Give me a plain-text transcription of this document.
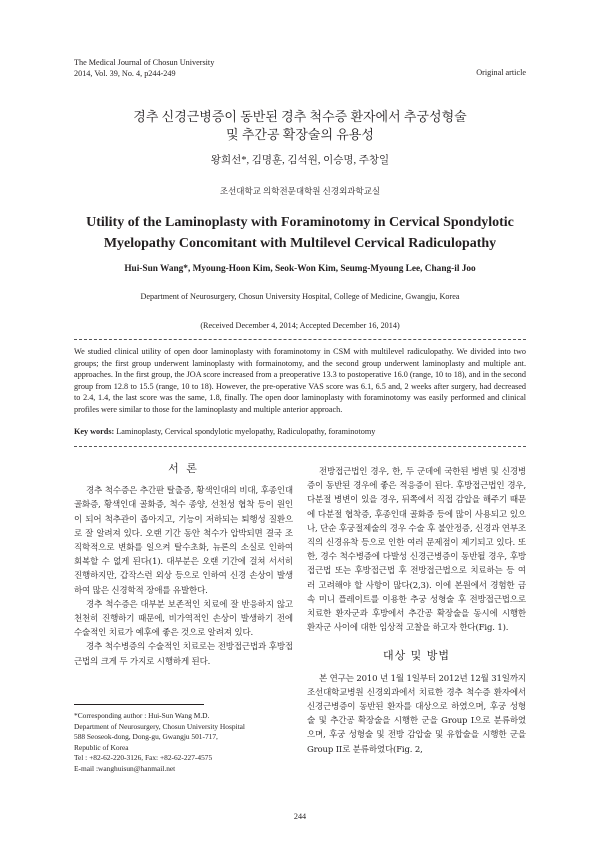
The Medical Journal of Chosun University
2014, Vol. 39, No. 4, p244-249	Original article
경추 신경근병증이 동반된 경추 척수증 환자에서 추궁성형술
및 추간공 확장술의 유용성
왕희선*, 김명훈, 김석원, 이승명, 주창일
조선대학교 의학전문대학원 신경외과학교실
Utility of the Laminoplasty with Foraminotomy in Cervical Spondylotic
Myelopathy Concomitant with Multilevel Cervical Radiculopathy
Hui-Sun Wang*, Myoung-Hoon Kim, Seok-Won Kim, Seumg-Myoung Lee, Chang-il Joo
Department of Neurosurgery, Chosun University Hospital, College of Medicine, Gwangju, Korea
(Received December 4, 2014; Accepted December 16, 2014)
We studied clinical utility of open door laminoplasty with foraminotomy in CSM with multilevel radiculopathy. We divided into two groups; the first group underwent laminoplasty with formainotomy, and the second group underwent laminoplasty and multiple ant. approaches. In the first group, the JOA score increased from a preoperative 13.3 to postoperative 16.0 (range, 10 to 18), and in the second group from 12.8 to 15.5 (range, 10 to 18). However, the pre-operative VAS score was 6.1, 6.5 and, 2 weeks after surgery, had decreased to 2.4, 1.4, the last score was the same, 1.8, finally. The open door laminoplasty with foraminotomy was easily performed and clinical profiles were similar to those for the laminoplasty and multiple anterior approach.
Key words: Laminoplasty, Cervical spondylotic myelopathy, Radiculopathy, foraminotomy
서 론

경추 척수증은 추간판 탈출증, 황색인대의 비대, 후종인대 골화증, 황색인대 골화증, 척수 종양, 선천성 협착 등이 원인이 되어 척추관이 좁아지고, 기능이 저하되는 퇴행성 질환으로 잘 알려져 있다. 오랜 기간 동안 척수가 압박되면 결국 조직학적으로 변화를 일으켜 탈수초화, 뉴론의 소실로 인하여 회복할 수 없게 된다(1). 대부분은 오랜 기간에 걸쳐 서서히 진행하지만, 갑작스런 외상 등으로 인하여 신경 손상이 발생하여 많은 신경학적 장애를 유발한다.

경추 척수증은 대부분 보존적인 치료에 잘 반응하지 않고 천천히 진행하기 때문에, 비가역적인 손상이 발생하기 전에 수술적인 치료가 예후에 좋은 것으로 알려져 있다.

경추 척수병증의 수술적인 치료로는 전방접근법과 후방접근법의 크게 두 가지로 시행하게 된다.

전방접근법인 경우, 한, 두 군데에 국한된 병변 및 신경병증이 동반된 경우에 좋은 적응증이 된다. 후방접근법인 경우, 다분절 병변이 있을 경우, 뒤쪽에서 직접 감압을 해주기 때문에 다분절 협착증, 후종인대 골화증 등에 많이 사용되고 있으나, 단순 후궁절제술의 경우 수술 후 불안정증, 신경과 연부조직의 신경유착 등으로 인한 여러 문제점이 제기되고 있다. 또한, 경수 척수병증에 다발성 신경근병증이 동반될 경우, 후방접근법 또는 후방접근법 후 전방접근법으로 치료하는 등 여러 고려해야 할 사항이 많다(2,3). 이에 본원에서 경험한 금속 미니 플레이트를 이용한 추궁 성형술 후 전방접근법으로 치료한 환자군과 후방에서 추간공 확장술을 동시에 시행한 환자군 사이에 대한 임상적 고찰을 하고자 한다(Fig. 1).

대상 및 방법

본 연구는 2010 년 1월 1일부터 2012년 12월 31일까지 조선대학교병원 신경외과에서 치료한 경추 척수증 환자에서 신경근병증이 동반된 환자를 대상으로 하였으며, 후궁 성형술 및 추간공 확장술을 시행한 군을 Group I으로 분류하였으며, 후궁 성형술 및 전방 감압술 및 유합술을 시행한 군을 Group II로 분류하였다(Fig. 2,

*Corresponding author : Hui-Sun Wang M.D.
Department of Neurosurgery, Chosun University Hospital
588 Seoseok-dong, Dong-gu, Gwangju 501-717,
Republic of Korea
Tel : +82-62-220-3126, Fax: +82-62-227-4575
E-mail :wanghuisun@hanmail.net
244
